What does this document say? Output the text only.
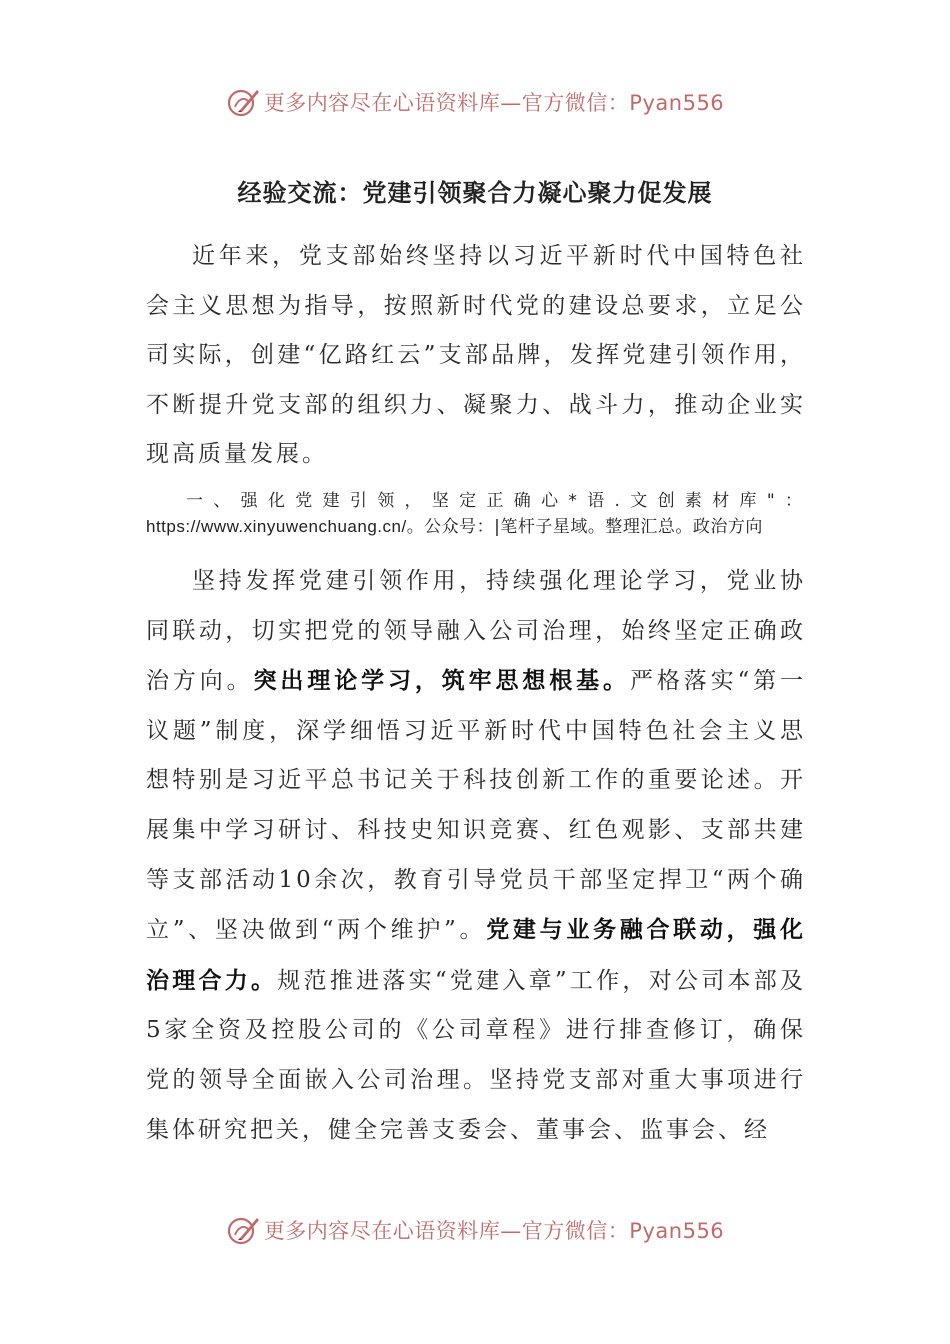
更多内容尽在心语资料库—官方微信：Pyan556
经验交流：党建引领聚合力凝心聚力促发展

近年来，党支部始终坚持以习近平新时代中国特色社会主义思想为指导，按照新时代党的建设总要求，立足公司实际，创建“亿路红云”支部品牌，发挥党建引领作用，不断提升党支部的组织力、凝聚力、战斗力，推动企业实现高质量发展。

一、强化党建引领，坚定正确心*语.文创素材库"：https://www.xinyuwenchuang.cn/。公众号：|笔杆子星域。整理汇总。政治方向

坚持发挥党建引领作用，持续强化理论学习，党业协同联动，切实把党的领导融入公司治理，始终坚定正确政治方向。突出理论学习，筑牢思想根基。严格落实“第一议题”制度，深学细悟习近平新时代中国特色社会主义思想特别是习近平总书记关于科技创新工作的重要论述。开展集中学习研讨、科技史知识竞赛、红色观影、支部共建等支部活动10余次，教育引导党员干部坚定捍卫“两个确立”、坚决做到“两个维护”。党建与业务融合联动，强化治理合力。规范推进落实“党建入章”工作，对公司本部及5家全资及控股公司的《公司章程》进行排查修订，确保党的领导全面嵌入公司治理。坚持党支部对重大事项进行集体研究把关，健全完善支委会、董事会、监事会、经

更多内容尽在心语资料库—官方微信：Pyan556
